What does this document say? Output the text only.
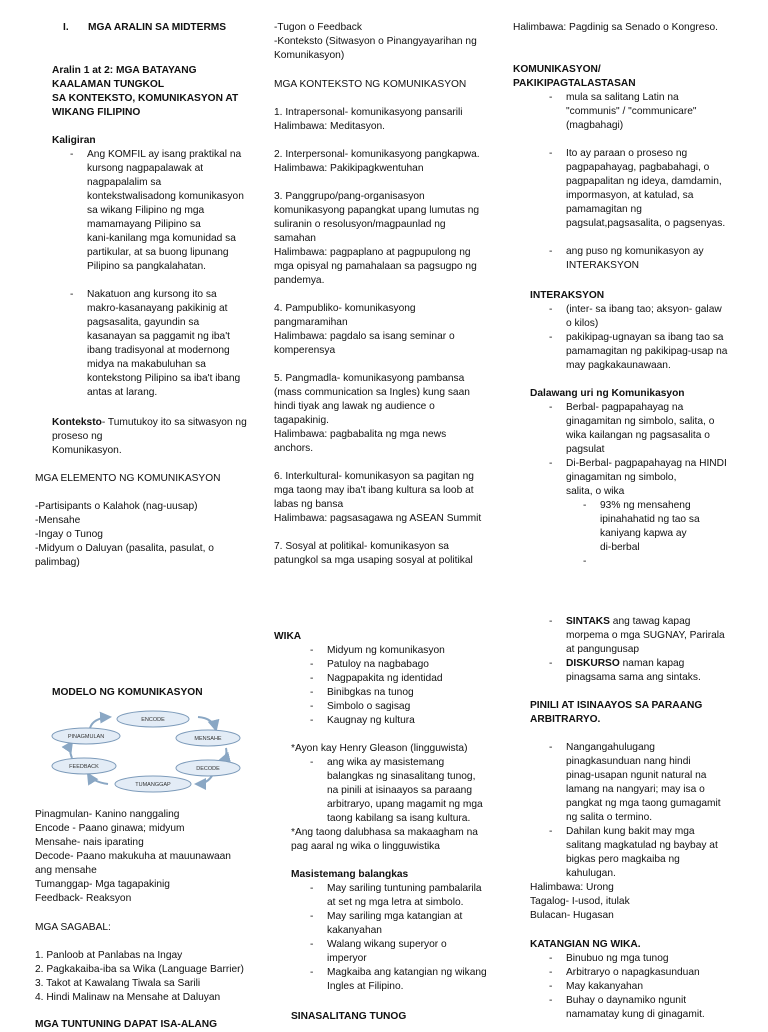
I. MGA ARALIN SA MIDTERMS
Aralin 1 at 2: MGA BATAYANG
KAALAMAN TUNGKOL
SA KONTEKSTO, KOMUNIKASYON AT
WIKANG FILIPINO
Kaligiran
- Ang KOMFIL ay isang praktikal na
kursong nagpapalawak at
nagpapalalim sa
kontekstwalisadong komunikasyon
sa wikang Filipino ng mga
mamamayang Pilipino sa
kani-kanilang mga komunidad sa
partikular, at sa buong lipunang
Pilipino sa pangkalahatan.
- Nakatuon ang kursong ito sa
makro-kasanayang pakikinig at
pagsasalita, gayundin sa
kasanayan sa paggamit ng iba't
ibang tradisyonal at modernong
midya na makabuluhan sa
kontekstong Pilipino sa iba't ibang
antas at larang.
Konteksto- Tumutukoy ito sa sitwasyon ng
proseso ng
Komunikasyon.
MGA ELEMENTO NG KOMUNIKASYON
-Partisipants o Kalahok (nag-uusap)
-Mensahe
-Ingay o Tunog
-Midyum o Daluyan (pasalita, pasulat, o
palimbag)
MODELO NG KOMUNIKASYON
ENCODE
PINAGMULAN	MENSAHE
FEEDBACK	DECODE
TUMANGGAP
Pinagmulan- Kanino nanggaling
Encode - Paano ginawa; midyum
Mensahe- nais iparating
Decode- Paano makukuha at mauunawaan
ang mensahe
Tumanggap- Mga tagapakinig
Feedback- Reaksyon
MGA SAGABAL:
1. Panloob at Panlabas na Ingay
2. Pagkakaiba-iba sa Wika (Language Barrier)
3. Takot at Kawalang Tiwala sa Sarili
4. Hindi Malinaw na Mensahe at Daluyan
MGA TUNTUNING DAPAT ISA-ALANG
-Tugon o Feedback
-Konteksto (Sitwasyon o Pinangyayarihan ng
Komunikasyon)
MGA KONTEKSTO NG KOMUNIKASYON
1. Intrapersonal- komunikasyong pansarili
Halimbawa: Meditasyon.
2. Interpersonal- komunikasyong pangkapwa.
Halimbawa: Pakikipagkwentuhan
3. Panggrupo/pang-organisasyon
komunikasyong papangkat upang lumutas ng
suliranin o resolusyon/magpaunlad ng
samahan
Halimbawa: pagpaplano at pagpupulong ng
mga opisyal ng pamahalaan sa pagsugpo ng
pandemya.
4. Pampubliko- komunikasyong
pangmaramihan
Halimbawa: pagdalo sa isang seminar o
komperensya
5. Pangmadla- komunikasyong pambansa
(mass communication sa Ingles) kung saan
hindi tiyak ang lawak ng audience o
tagapakinig.
Halimbawa: pagbabalita ng mga news
anchors.
6. Interkultural- komunikasyon sa pagitan ng
mga taong may iba't ibang kultura sa loob at
labas ng bansa
Halimbawa: pagsasagawa ng ASEAN Summit
7. Sosyal at politikal- komunikasyon sa
patungkol sa mga usaping sosyal at politikal
WIKA
- Midyum ng komunikasyon
- Patuloy na nagbabago
- Nagpapakita ng identidad
- Binibgkas na tunog
- Simbolo o sagisag
- Kaugnay ng kultura
*Ayon kay Henry Gleason (lingguwista)
- ang wika ay masistemang
balangkas ng sinasalitang tunog,
na pinili at isinaayos sa paraang
arbitraryo, upang magamit ng mga
taong kabilang sa isang kultura.
*Ang taong dalubhasa sa makaagham na
pag aaral ng wika o lingguwistika
Masistemang balangkas
- May sariling tuntuning pambalarila
at set ng mga letra at simbolo.
- May sariling mga katangian at
kakanyahan
- Walang wikang superyor o
imperyor
- Magkaiba ang katangian ng wikang
Ingles at Filipino.
SINASALITANG TUNOG
Halimbawa: Pagdinig sa Senado o Kongreso.
KOMUNIKASYON/
PAKIKIPAGTALASTASAN
- mula sa salitang Latin na
"communis" / "communicare"
(magbahagi)
- Ito ay paraan o proseso ng
pagpapahayag, pagbabahagi, o
pagpapalitan ng ideya, damdamin,
impormasyon, at katulad, sa
pamamagitan ng
pagsulat,pagsasalita, o pagsenyas.
- ang puso ng komunikasyon ay
INTERAKSYON
INTERAKSYON
- (inter- sa ibang tao; aksyon- galaw
o kilos)
- pakikipag-ugnayan sa ibang tao sa
pamamagitan ng pakikipag-usap na
may pagkakaunawaan.
Dalawang uri ng Komunikasyon
- Berbal- pagpapahayag na
ginagamitan ng simbolo, salita, o
wika kailangan ng pagsasalita o
pagsulat
- Di-Berbal- pagpapahayag na HINDI
ginagamitan ng simbolo,
salita, o wika
- 93% ng mensaheng
ipinahahatid ng tao sa
kaniyang kapwa ay
di-berbal
- SINTAKS ang tawag kapag
morpema o mga SUGNAY, Parirala
at pangungusap
- DISKURSO naman kapag
pinagsama sama ang sintaks.
PINILI AT ISINAAYOS SA PARAANG
ARBITRARYO.
- Nangangahulugang
pinagkasunduan nang hindi
pinag-usapan ngunit natural na
lamang na nangyari; may isa o
pangkat ng mga taong gumagamit
ng salita o termino.
- Dahilan kung bakit may mga
salitang magkatulad ng baybay at
bigkas pero magkaiba ng
kahulugan.
Halimbawa: Urong
Tagalog- I-usod, itulak
Bulacan- Hugasan
KATANGIAN NG WIKA.
- Binubuo ng mga tunog
- Arbitraryo o napagkasunduan
- May kakanyahan
- Buhay o daynamiko ngunit
namamatay kung di ginagamit.
